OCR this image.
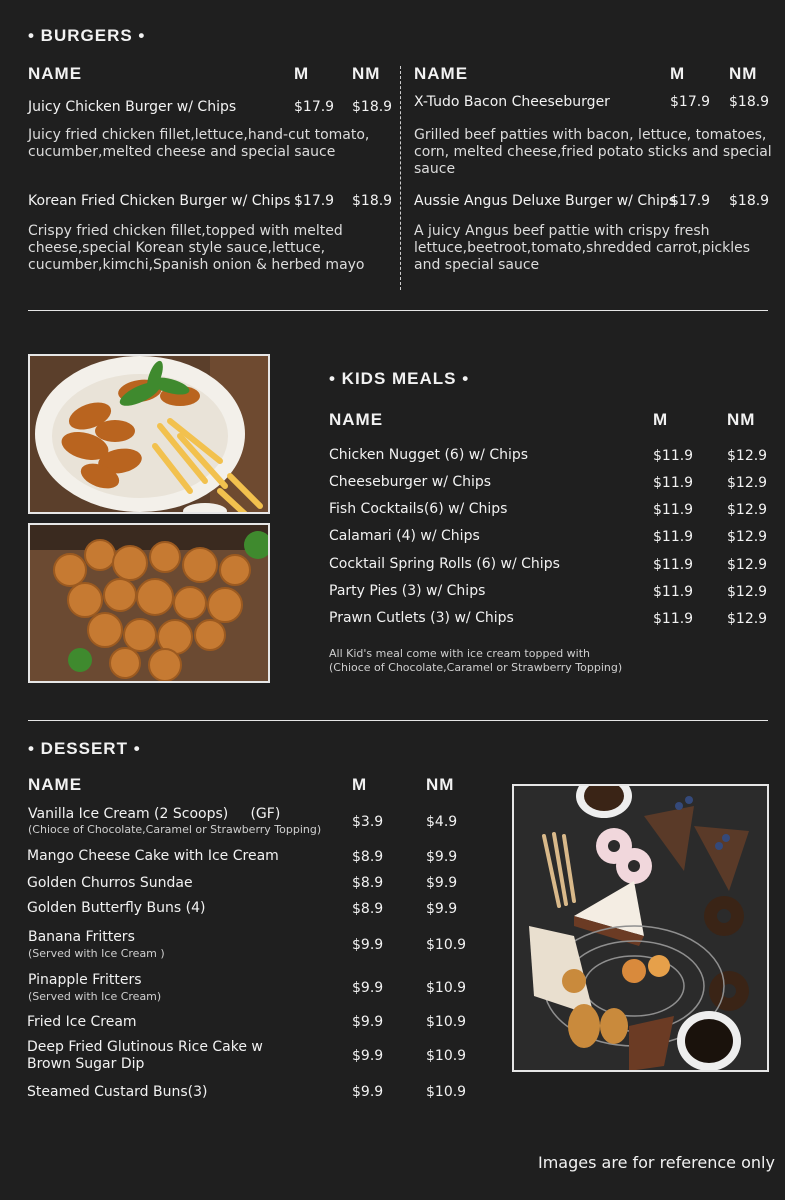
• BURGERS •
NAME	M	NM NAME	M	NM
Juicy Chicken Burger w/ Chips	$17.9 $18.9
Juicy fried chicken fillet,lettuce,hand-cut tomato,
cucumber,melted cheese and special sauce
Korean Fried Chicken Burger w/ Chips $17.9 $18.9
Crispy fried chicken fillet,topped with melted
cheese,special Korean style sauce,lettuce,
cucumber,kimchi,Spanish onion & herbed mayo
X-Tudo Bacon Cheeseburger	$17.9 $18.9
Grilled beef patties with bacon, lettuce, tomatoes,
corn, melted cheese,fried potato sticks and special
sauce
Aussie Angus Deluxe Burger w/ Chips
$17.9 $18.9
A juicy Angus beef pattie with crispy fresh
lettuce,beetroot,tomato,shredded carrot,pickles
and special sauce
• KIDS MEALS •
NAME	M	NM
Chicken Nugget (6) w/ Chips	$11.9 $12.9
Cheeseburger w/ Chips	$11.9 $12.9
Fish Cocktails(6) w/ Chips	$11.9 $12.9
Calamari (4) w/ Chips	$11.9 $12.9
Cocktail Spring Rolls (6) w/ Chips	$11.9 $12.9
Party Pies (3) w/ Chips	$11.9 $12.9
Prawn Cutlets (3) w/ Chips	$11.9 $12.9
All Kid's meal come with ice cream topped with
(Chioce of Chocolate,Caramel or Strawberry Topping)
• DESSERT •
NAME	M	NM
Vanilla Ice Cream (2 Scoops)     (GF)
(Chioce of Chocolate,Caramel or Strawberry Topping) $3.9	$4.9
Mango Cheese Cake with Ice Cream	$8.9	$9.9
Golden Churros Sundae	$8.9	$9.9
Golden Butterfly Buns (4)	$8.9	$9.9
Banana Fritters
(Served with Ice Cream )
$9.9	$10.9
Pinapple Fritters
(Served with Ice Cream)
$9.9	$10.9
Fried Ice Cream	$9.9	$10.9
Deep Fried Glutinous Rice Cake w
Brown Sugar Dip	$9.9	$10.9
Steamed Custard Buns(3)	$9.9	$10.9
Images are for reference only
